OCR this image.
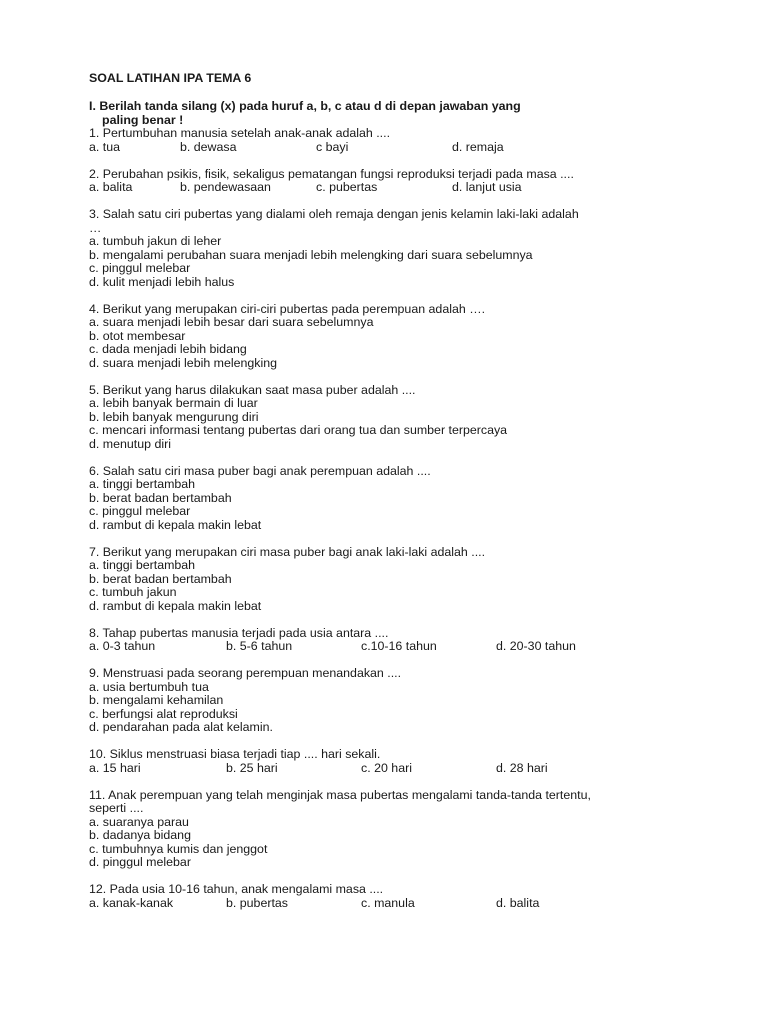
SOAL LATIHAN IPA TEMA 6
I. Berilah tanda silang (x) pada huruf a, b, c atau d di depan jawaban yang
paling benar !
1. Pertumbuhan manusia setelah anak-anak adalah ....
a. tua	b. dewasa	c bayi	d. remaja
2. Perubahan psikis, fisik, sekaligus pematangan fungsi reproduksi terjadi pada masa ....
a. balita	b. pendewasaan	c. pubertas	d. lanjut usia
3. Salah satu ciri pubertas yang dialami oleh remaja dengan jenis kelamin laki-laki adalah
…
a. tumbuh jakun di leher
b. mengalami perubahan suara menjadi lebih melengking dari suara sebelumnya
c. pinggul melebar
d. kulit menjadi lebih halus
4. Berikut yang merupakan ciri-ciri pubertas pada perempuan adalah ….
a. suara menjadi lebih besar dari suara sebelumnya
b. otot membesar
c. dada menjadi lebih bidang
d. suara menjadi lebih melengking
5. Berikut yang harus dilakukan saat masa puber adalah ....
a. lebih banyak bermain di luar
b. lebih banyak mengurung diri
c. mencari informasi tentang pubertas dari orang tua dan sumber terpercaya
d. menutup diri
6. Salah satu ciri masa puber bagi anak perempuan adalah ....
a. tinggi bertambah
b. berat badan bertambah
c. pinggul melebar
d. rambut di kepala makin lebat
7. Berikut yang merupakan ciri masa puber bagi anak laki-laki adalah ....
a. tinggi bertambah
b. berat badan bertambah
c. tumbuh jakun
d. rambut di kepala makin lebat
8. Tahap pubertas manusia terjadi pada usia antara ....
a. 0-3 tahun	b. 5-6 tahun	c.10-16 tahun	d. 20-30 tahun
9. Menstruasi pada seorang perempuan menandakan ....
a. usia bertumbuh tua
b. mengalami kehamilan
c. berfungsi alat reproduksi
d. pendarahan pada alat kelamin.
10. Siklus menstruasi biasa terjadi tiap .... hari sekali.
a. 15 hari	b. 25 hari	c. 20 hari	d. 28 hari
11. Anak perempuan yang telah menginjak masa pubertas mengalami tanda-tanda tertentu,
seperti ....
a. suaranya parau
b. dadanya bidang
c. tumbuhnya kumis dan jenggot
d. pinggul melebar
12. Pada usia 10-16 tahun, anak mengalami masa ....
a. kanak-kanak	b. pubertas	c. manula	d. balita
